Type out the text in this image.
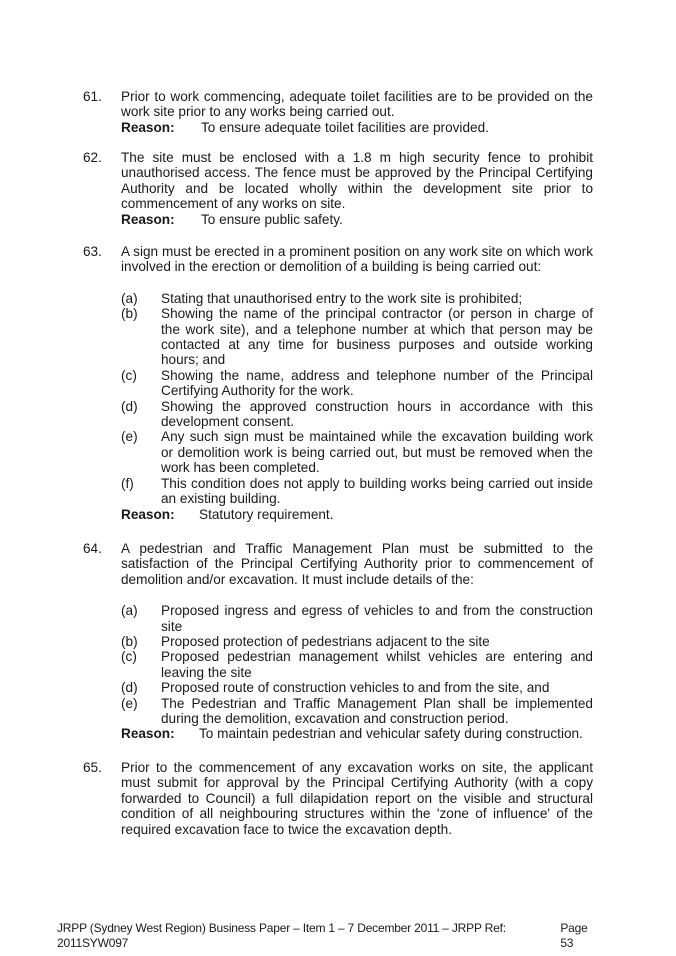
61. Prior to work commencing, adequate toilet facilities are to be provided on the work site prior to any works being carried out.

Reason:	To ensure adequate toilet facilities are provided.
62. The site must be enclosed with a 1.8 m high security fence to prohibit unauthorised access. The fence must be approved by the Principal Certifying Authority and be located wholly within the development site prior to commencement of any works on site.

Reason:	To ensure public safety.
63. A sign must be erected in a prominent position on any work site on which work involved in the erection or demolition of a building is being carried out:

(a)	Stating that unauthorised entry to the work site is prohibited;
(b)	Showing the name of the principal contractor (or person in charge of the work site), and a telephone number at which that person may be contacted at any time for business purposes and outside working hours; and
(c)	Showing the name, address and telephone number of the Principal Certifying Authority for the work.
(d)	Showing the approved construction hours in accordance with this development consent.
(e)	Any such sign must be maintained while the excavation building work or demolition work is being carried out, but must be removed when the work has been completed.
(f)	This condition does not apply to building works being carried out inside an existing building.
Reason:	Statutory requirement.
64. A pedestrian and Traffic Management Plan must be submitted to the satisfaction of the Principal Certifying Authority prior to commencement of demolition and/or excavation. It must include details of the:

(a)	Proposed ingress and egress of vehicles to and from the construction site
(b)	Proposed protection of pedestrians adjacent to the site
(c)	Proposed pedestrian management whilst vehicles are entering and leaving the site
(d)	Proposed route of construction vehicles to and from the site, and
(e)	The Pedestrian and Traffic Management Plan shall be implemented during the demolition, excavation and construction period.
Reason:	To maintain pedestrian and vehicular safety during construction.
65. Prior to the commencement of any excavation works on site, the applicant must submit for approval by the Principal Certifying Authority (with a copy forwarded to Council) a full dilapidation report on the visible and structural condition of all neighbouring structures within the 'zone of influence' of the required excavation face to twice the excavation depth.

JRPP (Sydney West Region) Business Paper – Item 1 – 7 December 2011 – JRPP Ref: 2011SYW097
Page 53
